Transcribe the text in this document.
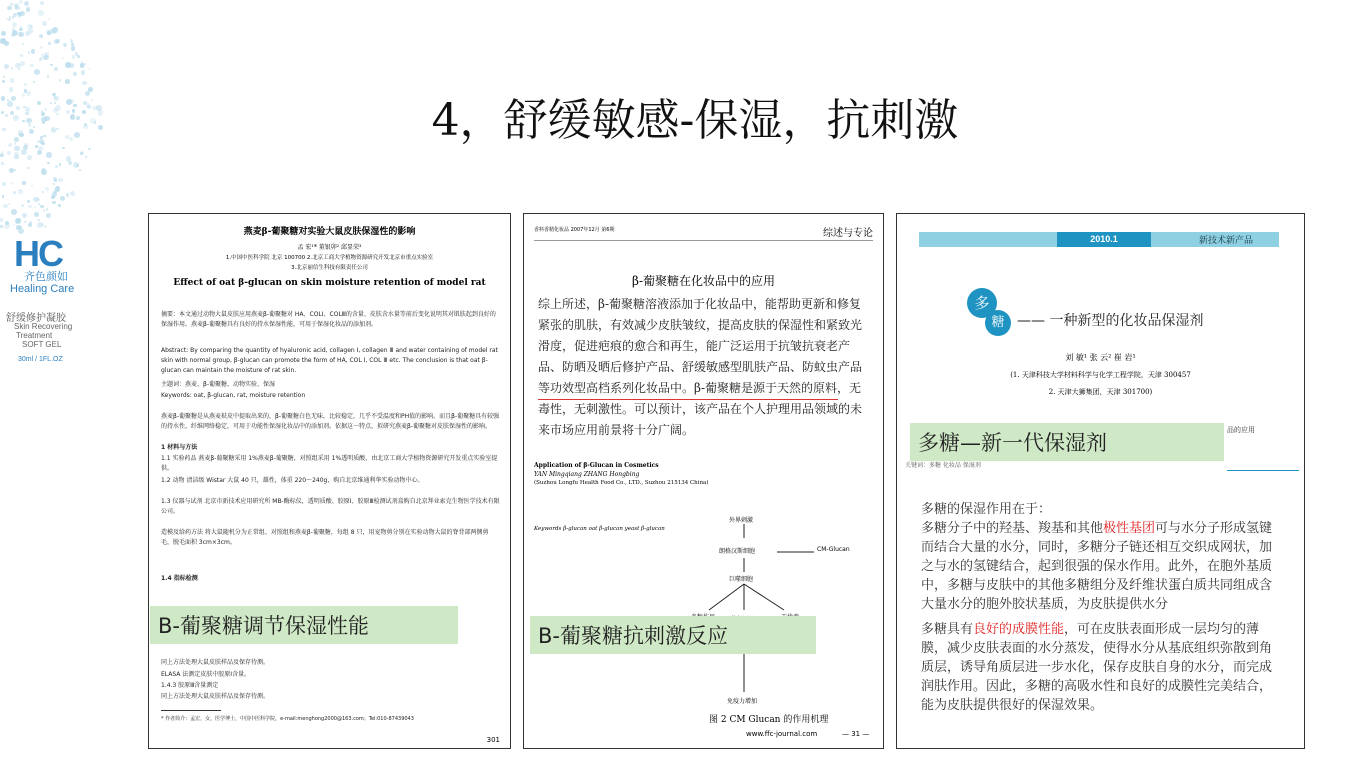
HC
齐色颜如
Healing Care
舒缓修护凝胶
Skin Recovering
Treatment
SOFT GEL
30ml / 1FL.OZ
4，舒缓敏感-保湿，抗刺激
燕麦β-葡聚糖对实验大鼠皮肤保湿性的影响
孟 宏¹* 董银卯² 邱显荣³
1.中国中医科学院 北京 100700 2.北京工商大学植物资源研究开发北京市重点实验室
3.北京丽信生科技有限责任公司
Effect of oat β-glucan on skin moisture retention of model rat
摘要：本文通过动物大鼠皮肤应用燕麦β-葡聚糖对 HA、COLⅠ、COLⅢ的含量、皮肤含水量等前后变化说明其对肌肤起到良好的保湿作用。燕麦β-葡聚糖具有良好的持水保湿性能，可用于保湿化妆品的添加剂。
Abstract: By comparing the quantity of hyaluronic acid, collagen Ⅰ, collagen Ⅲ and water containing of model rat skin with normal group, β-glucan can promote the form of HA, COL Ⅰ, COL Ⅲ etc. The conclusion is that oat β-glucan can maintain the moisture of rat skin.
主题词：燕麦、β-葡聚糖、动物实验、保湿
Keywords: oat, β-glucan, rat, moisture retention
燕麦β-葡聚糖是从燕麦麸皮中提取出来的，β-葡聚糖白色无味，比较稳定，几乎不受温度和PH值的影响。而且β-葡聚糖具有较强的持水性，纤维网络稳定，可用于功能性保湿化妆品中的添加剂。依据这一特点，拟研究燕麦β-葡聚糖对皮肤保湿性的影响。
1 材料与方法
1.1 实验药品 燕麦β-葡聚糖采用 1%燕麦β-葡聚糖，对照组采用 1%透明质酸，由北京工商大学植物资源研究开发重点实验室提供。
1.2 动物 清洁级 Wistar 大鼠 40 只，雄性，体重 220～240g，购自北京维通利华实验动物中心。
1.3 仪器与试剂 北京市新技术应用研究所 MB-酶标仪，透明质酸、胶原Ⅰ、胶原Ⅲ检测试剂盒购自北京拜业索克生物医学技术有限公司。
造模及给药方法 将大鼠随机分为正常组、对照组和燕麦β-葡聚糖，每组 8 只，用宠物剪分别在实验动物大鼠的脊背部两侧剪毛，脱毛面积 3cm×3cm。
1.4 指标检测
同上方法处理大鼠皮肤样品及保存待测。
ELASA 法测定皮肤中胶原Ⅰ含量。
1.4.3 胶原Ⅲ含量测定
同上方法处理大鼠皮肤样品及保存待测。
* 作者简介：孟宏，女，医学博士，中国中医科学院，e-mail:menghong2000@163.com；Tel:010-87439043
301
B-葡聚糖调节保湿性能
香料香精化妆品 2007年12月 第6期	综述与专论
β-葡聚糖在化妆品中的应用
综上所述，β-葡聚糖溶液添加于化妆品中，能帮助更新和修复紧张的肌肤，有效减少皮肤皱纹，提高皮肤的保湿性和紧致光滑度，促进疤痕的愈合和再生，能广泛运用于抗皱抗衰老产品、防晒及晒后修护产品、舒缓敏感型肌肤产品、防蚊虫产品等功效型高档系列化妆品中。β-葡聚糖是源于天然的原料，无毒性，无刺激性。可以预计，该产品在个人护理用品领域的未来市场应用前景将十分广阔。
Application of β-Glucan in Cosmetics
YAN Mingqiang ZHANG Hongbing
(Suzhou Longfu Health Food Co., LTD., Suzhou 215134 China)
Keywords β-glucan oat β-glucan yeast β-glucan
外界刺激
朗格汉斯细胞	CM-Glucan
巨噬细胞
免疫力增加
图 2 CM Glucan 的作用机理
www.ffc-journal.com	— 31 —
B-葡聚糖抗刺激反应
2010.1	新技术新产品
多
糖 —— 一种新型的化妆品保湿剂
刘 敏¹ 张 云² 崔 岩¹
(1. 天津科技大学材料科学与化学工程学院，天津 300457
2. 天津大狮集团，天津 301700)
品的应用
关键词：多糖 化妆品 保湿剂
多糖的保湿作用在于：
多糖分子中的羟基、羧基和其他极性基团可与水分子形成氢键而结合大量的水分，同时，多糖分子链还相互交织成网状，加之与水的氢键结合，起到很强的保水作用。此外，在胞外基质中，多糖与皮肤中的其他多糖组分及纤维状蛋白质共同组成含大量水分的胞外胶状基质，为皮肤提供水分
多糖具有良好的成膜性能，可在皮肤表面形成一层均匀的薄膜，减少皮肤表面的水分蒸发，使得水分从基底组织弥散到角质层，诱导角质层进一步水化，保存皮肤自身的水分，而完成润肤作用。因此，多糖的高吸水性和良好的成膜性完美结合，能为皮肤提供很好的保湿效果。
多糖—新一代保湿剂
